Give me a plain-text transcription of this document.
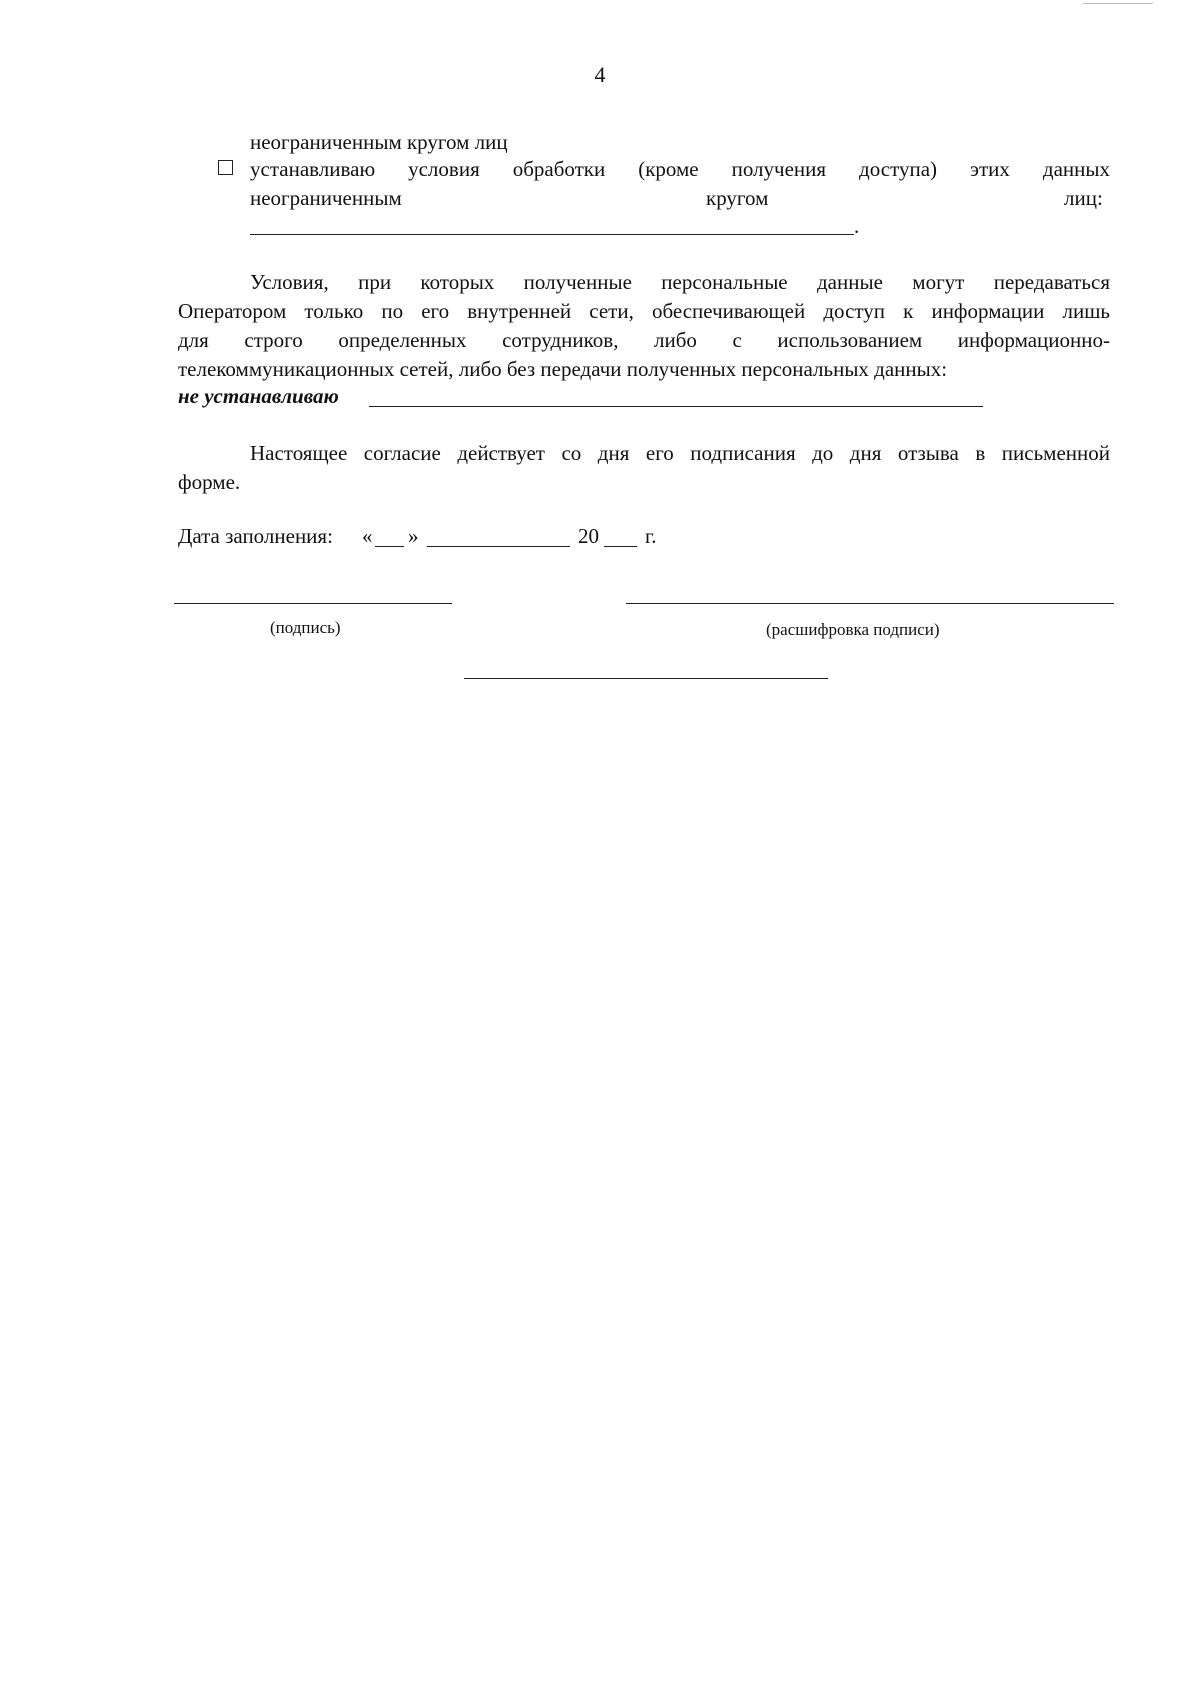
4
неограниченным кругом лиц
устанавливаю условия обработки (кроме получения доступа) этих данных
неограниченным	кругом	лиц:
.
Условия, при которых полученные персональные данные могут передаваться
Оператором только по его внутренней сети, обеспечивающей доступ к информации лишь
для строго определенных сотрудников, либо с использованием информационно-
телекоммуникационных сетей, либо без передачи полученных персональных данных:
не устанавливаю
Настоящее согласие действует со дня его подписания до дня отзыва в письменной
форме.
Дата заполнения: « »	20 г.
(подпись)	(расшифровка подписи)
